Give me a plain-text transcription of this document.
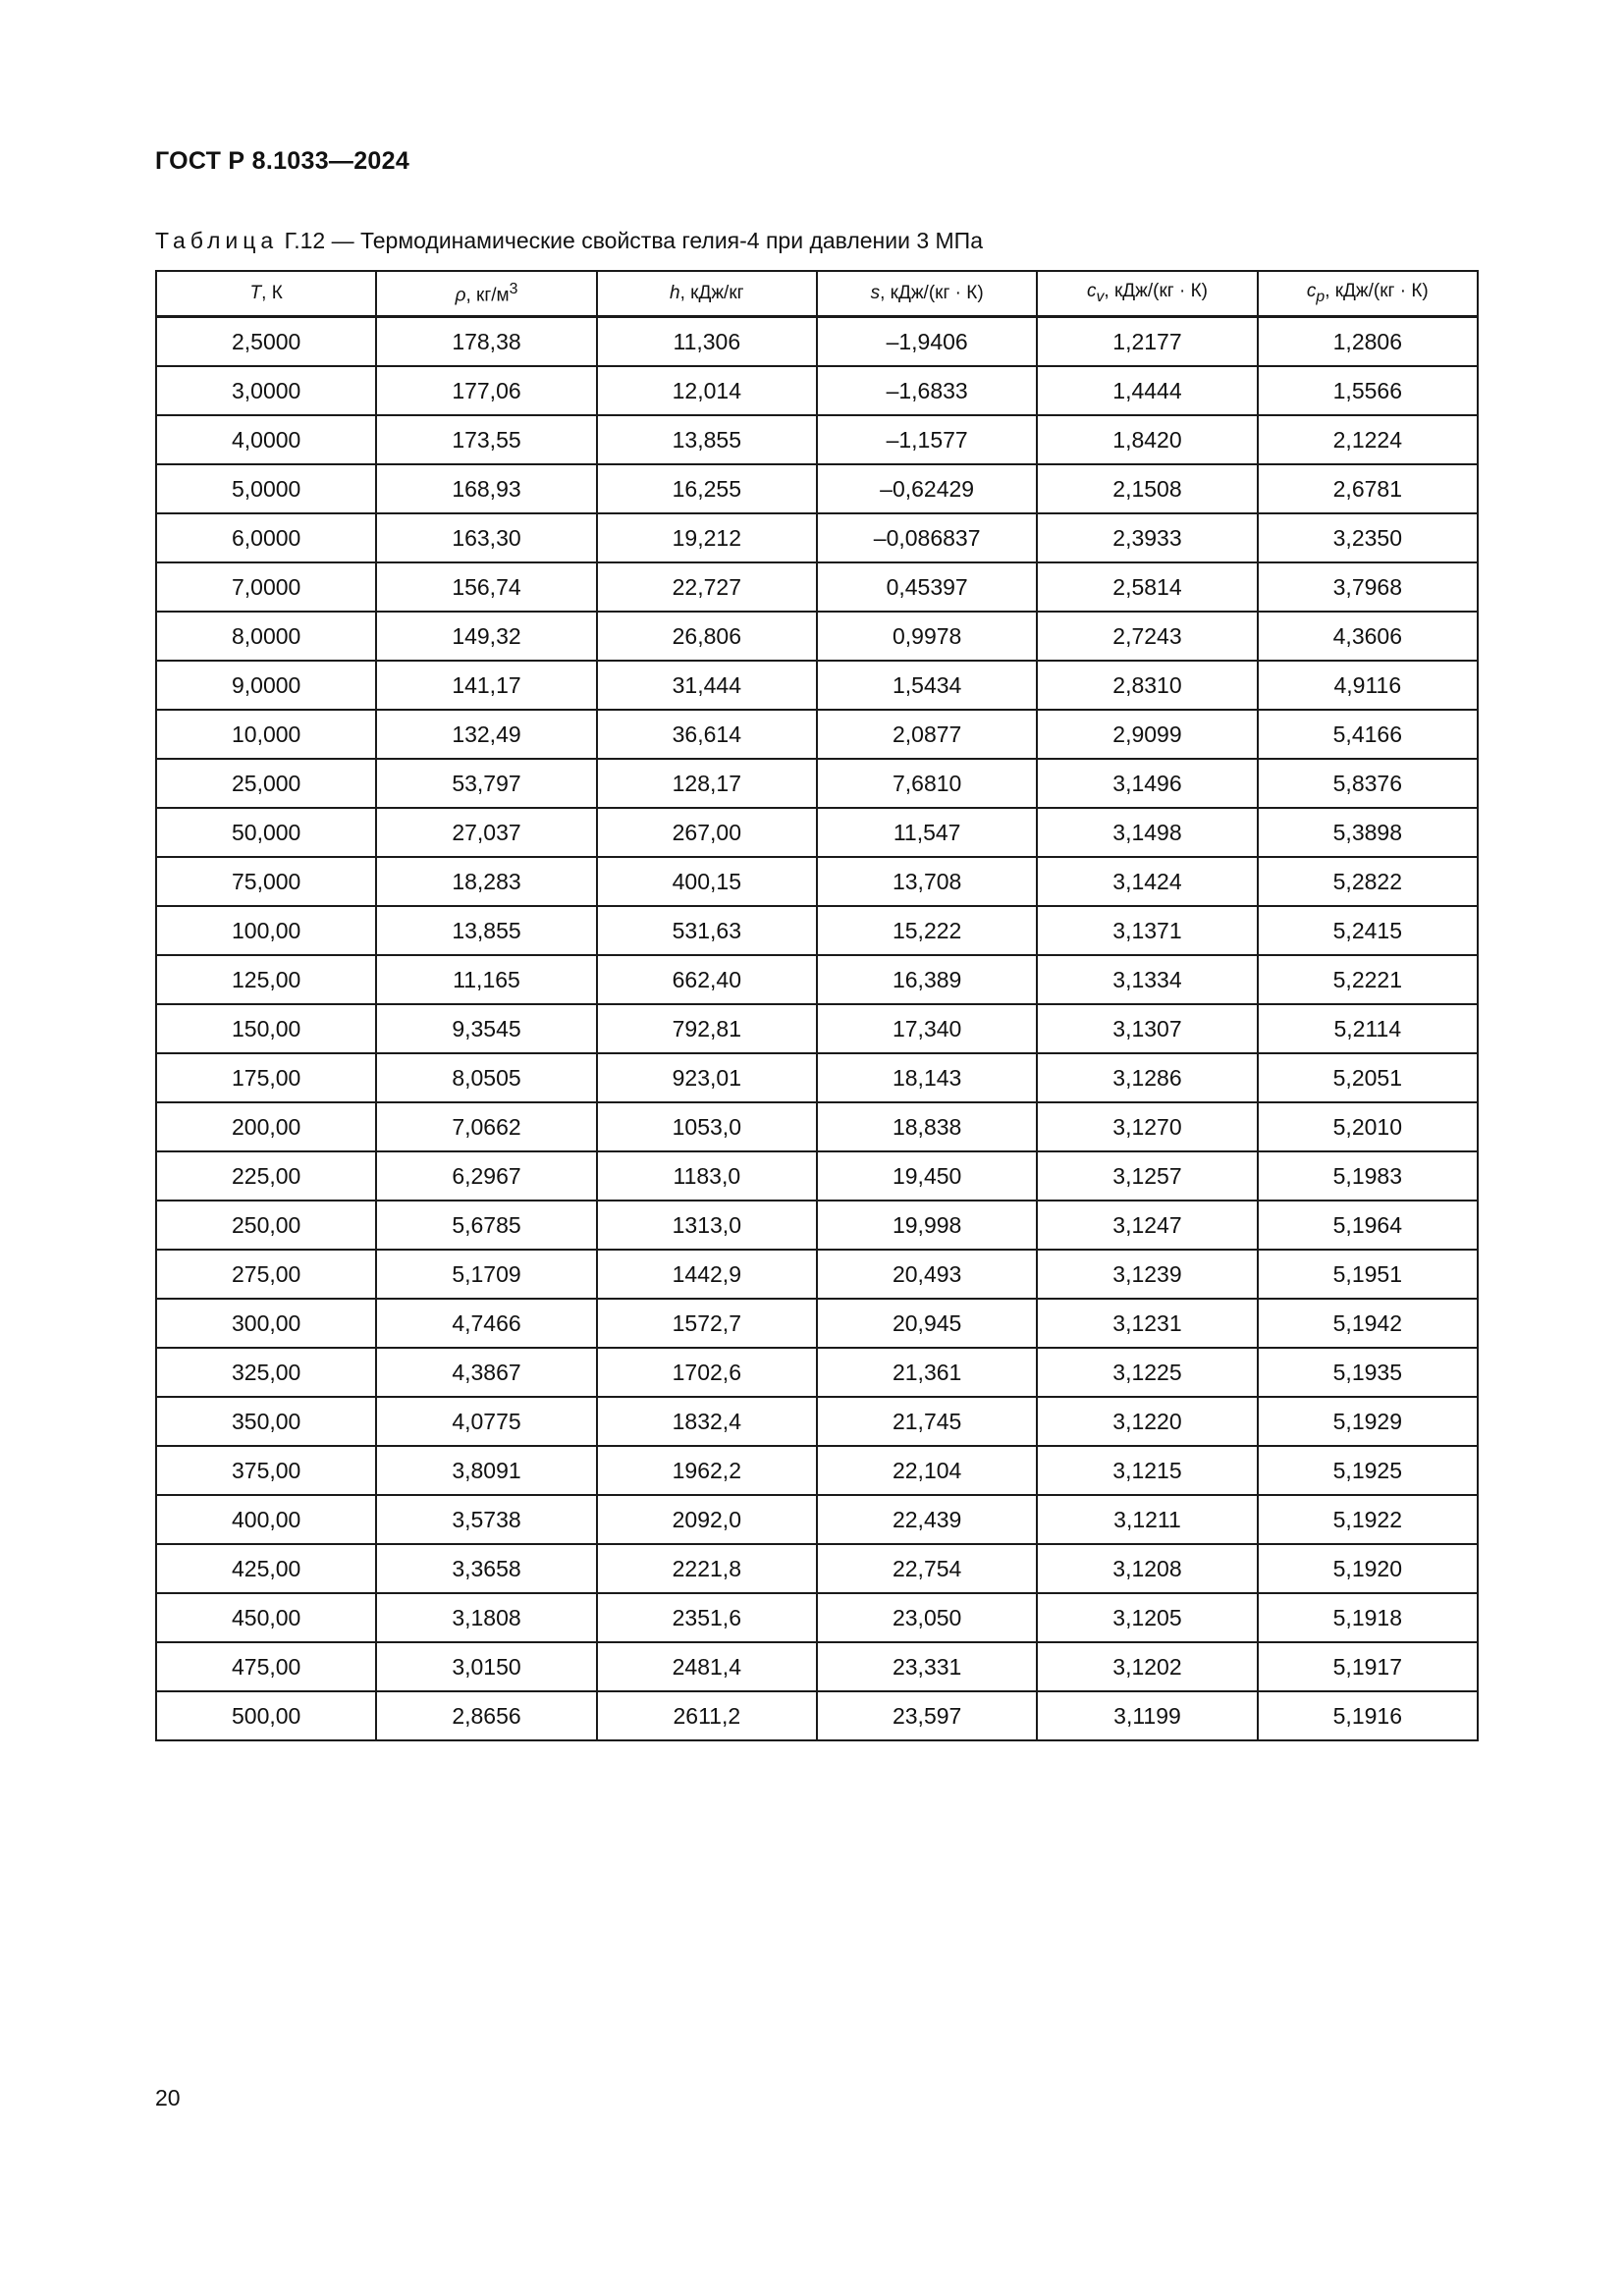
ГОСТ Р 8.1033—2024
Таблица Г.12 — Термодинамические свойства гелия-4 при давлении 3 МПа
T, К	ρ, $кг/м^3$	h, кДж/кг	s, кДж/(кг · К)	$c_v$, кДж/(кг · К)	$c_p$, кДж/(кг · К)
2,5000	178,38	11,306	–1,9406	1,2177	1,2806
3,0000	177,06	12,014	–1,6833	1,4444	1,5566
4,0000	173,55	13,855	–1,1577	1,8420	2,1224
5,0000	168,93	16,255	–0,62429	2,1508	2,6781
6,0000	163,30	19,212	–0,086837	2,3933	3,2350
7,0000	156,74	22,727	0,45397	2,5814	3,7968
8,0000	149,32	26,806	0,9978	2,7243	4,3606
9,0000	141,17	31,444	1,5434	2,8310	4,9116
10,000	132,49	36,614	2,0877	2,9099	5,4166
25,000	53,797	128,17	7,6810	3,1496	5,8376
50,000	27,037	267,00	11,547	3,1498	5,3898
75,000	18,283	400,15	13,708	3,1424	5,2822
100,00	13,855	531,63	15,222	3,1371	5,2415
125,00	11,165	662,40	16,389	3,1334	5,2221
150,00	9,3545	792,81	17,340	3,1307	5,2114
175,00	8,0505	923,01	18,143	3,1286	5,2051
200,00	7,0662	1053,0	18,838	3,1270	5,2010
225,00	6,2967	1183,0	19,450	3,1257	5,1983
250,00	5,6785	1313,0	19,998	3,1247	5,1964
275,00	5,1709	1442,9	20,493	3,1239	5,1951
300,00	4,7466	1572,7	20,945	3,1231	5,1942
325,00	4,3867	1702,6	21,361	3,1225	5,1935
350,00	4,0775	1832,4	21,745	3,1220	5,1929
375,00	3,8091	1962,2	22,104	3,1215	5,1925
400,00	3,5738	2092,0	22,439	3,1211	5,1922
425,00	3,3658	2221,8	22,754	3,1208	5,1920
450,00	3,1808	2351,6	23,050	3,1205	5,1918
475,00	3,0150	2481,4	23,331	3,1202	5,1917
500,00	2,8656	2611,2	23,597	3,1199	5,1916
20
